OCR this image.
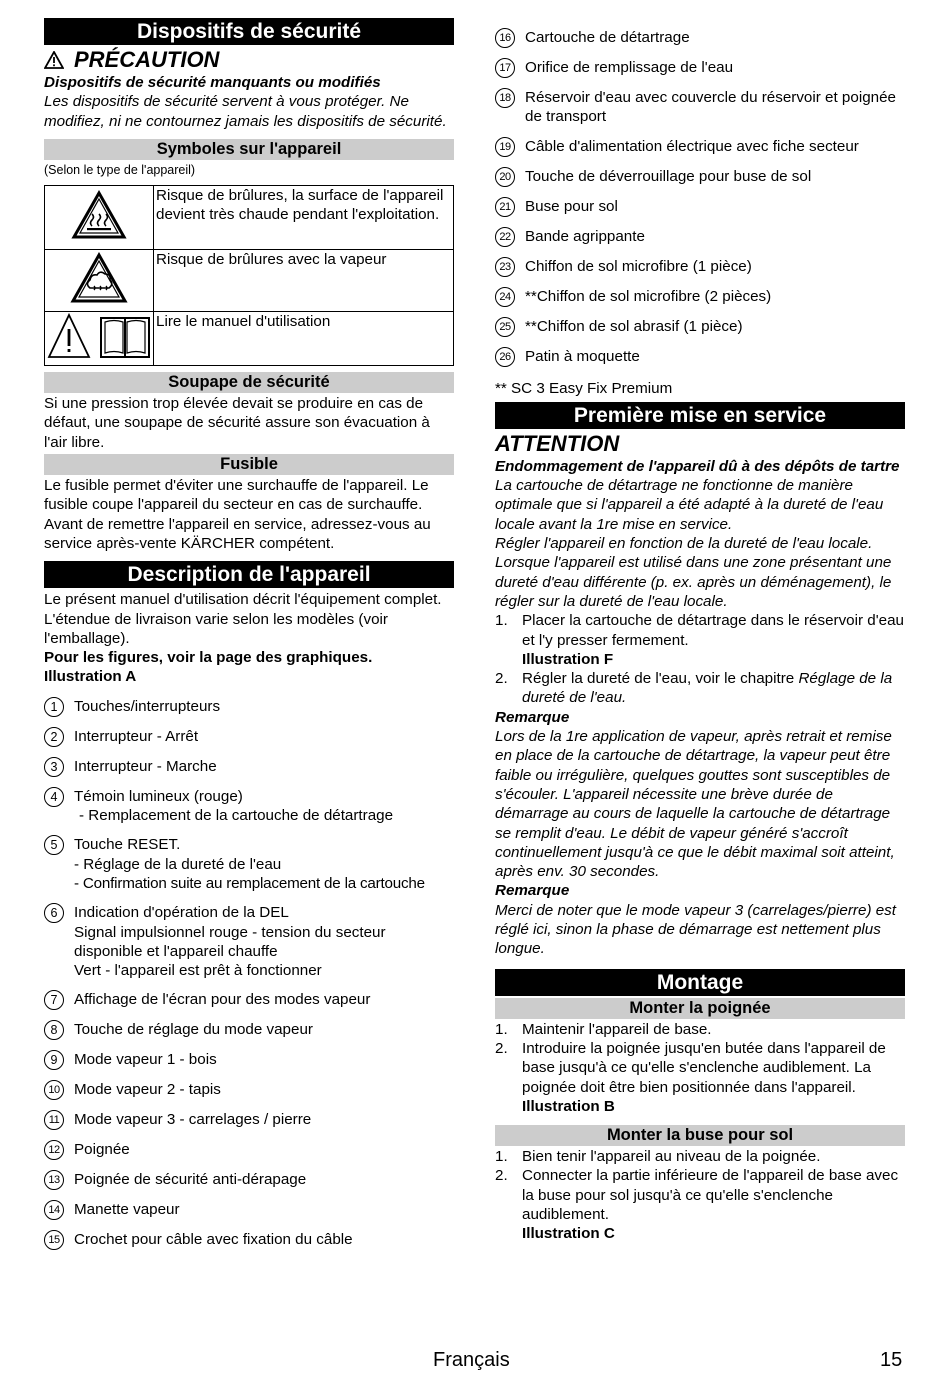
Dispositifs de sécurité
PRÉCAUTION
Dispositifs de sécurité manquants ou modifiés
Les dispositifs de sécurité servent à vous protéger. Ne modifiez, ni ne contournez jamais les dispositifs de sécurité.
Symboles sur l'appareil
(Selon le type de l'appareil)
	Risque de brûlures, la surface de l'appareil devient très chaude pendant l'exploitation.
	Risque de brûlures avec la vapeur
	Lire le manuel d'utilisation
Soupape de sécurité
Si une pression trop élevée devait se produire en cas de défaut, une soupape de sécurité assure son évacuation à l'air libre.
Fusible
Le fusible permet d'éviter une surchauffe de l'appareil. Le fusible coupe l'appareil du secteur en cas de surchauffe.
Avant de remettre l'appareil en service, adressez-vous au service après-vente KÄRCHER compétent.
Description de l'appareil
Le présent manuel d'utilisation décrit l'équipement complet. L'étendue de livraison varie selon les modèles (voir l'emballage).
Pour les figures, voir la page des graphiques.
Illustration A
1	Touches/interrupteurs
2	Interrupteur - Arrêt
3	Interrupteur - Marche
4	Témoin lumineux (rouge)
- Remplacement de la cartouche de détartrage
5	Touche RESET.
- Réglage de la dureté de l'eau
- Confirmation suite au remplacement de la cartouche
6	Indication d'opération de la DEL
Signal impulsionnel rouge - tension du secteur disponible et l'appareil chauffe
Vert - l'appareil est prêt à fonctionner
7	Affichage de l'écran pour des modes vapeur
8	Touche de réglage du mode vapeur
9	Mode vapeur 1 - bois
10 Mode vapeur 2 - tapis
11 Mode vapeur 3 - carrelages / pierre
12 Poignée
13 Poignée de sécurité anti-dérapage
14 Manette vapeur
15 Crochet pour câble avec fixation du câble
16 Cartouche de détartrage
17 Orifice de remplissage de l'eau
18 Réservoir d'eau avec couvercle du réservoir et poignée de transport
19 Câble d'alimentation électrique avec fiche secteur
20 Touche de déverrouillage pour buse de sol
21 Buse pour sol
22 Bande agrippante
23 Chiffon de sol microfibre (1 pièce)
24 **Chiffon de sol microfibre (2 pièces)
25 **Chiffon de sol abrasif (1 pièce)
26 Patin à moquette
** SC 3 Easy Fix Premium
Première mise en service
ATTENTION
Endommagement de l'appareil dû à des dépôts de tartre
La cartouche de détartrage ne fonctionne de manière optimale que si l'appareil a été adapté à la dureté de l'eau locale avant la 1re mise en service.
Régler l'appareil en fonction de la dureté de l'eau locale. Lorsque l'appareil est utilisé dans une zone présentant une dureté d'eau différente (p. ex. après un déménagement), le régler sur la dureté de l'eau locale.
1. Placer la cartouche de détartrage dans le réservoir d'eau et l'y presser fermement.
Illustration F
2. Régler la dureté de l'eau, voir le chapitre Réglage de la dureté de l'eau.
Remarque
Lors de la 1re application de vapeur, après retrait et remise en place de la cartouche de détartrage, la vapeur peut être faible ou irrégulière, quelques gouttes sont susceptibles de s'écouler. L'appareil nécessite une brève durée de démarrage au cours de laquelle la cartouche de détartrage se remplit d'eau. Le débit de vapeur généré s'accroît continuellement jusqu'à ce que le débit maximal soit atteint, après env. 30 secondes.
Remarque
Merci de noter que le mode vapeur 3 (carrelages/pierre) est réglé ici, sinon la phase de démarrage est nettement plus longue.
Montage
Monter la poignée
1. Maintenir l'appareil de base.
2. Introduire la poignée jusqu'en butée dans l'appareil de base jusqu'à ce qu'elle s'enclenche audiblement. La poignée doit être bien positionnée dans l'appareil.
Illustration B
Monter la buse pour sol
1. Bien tenir l'appareil au niveau de la poignée.
2. Connecter la partie inférieure de l'appareil de base avec la buse pour sol jusqu'à ce qu'elle s'enclenche audiblement.
Illustration C
Français	15
